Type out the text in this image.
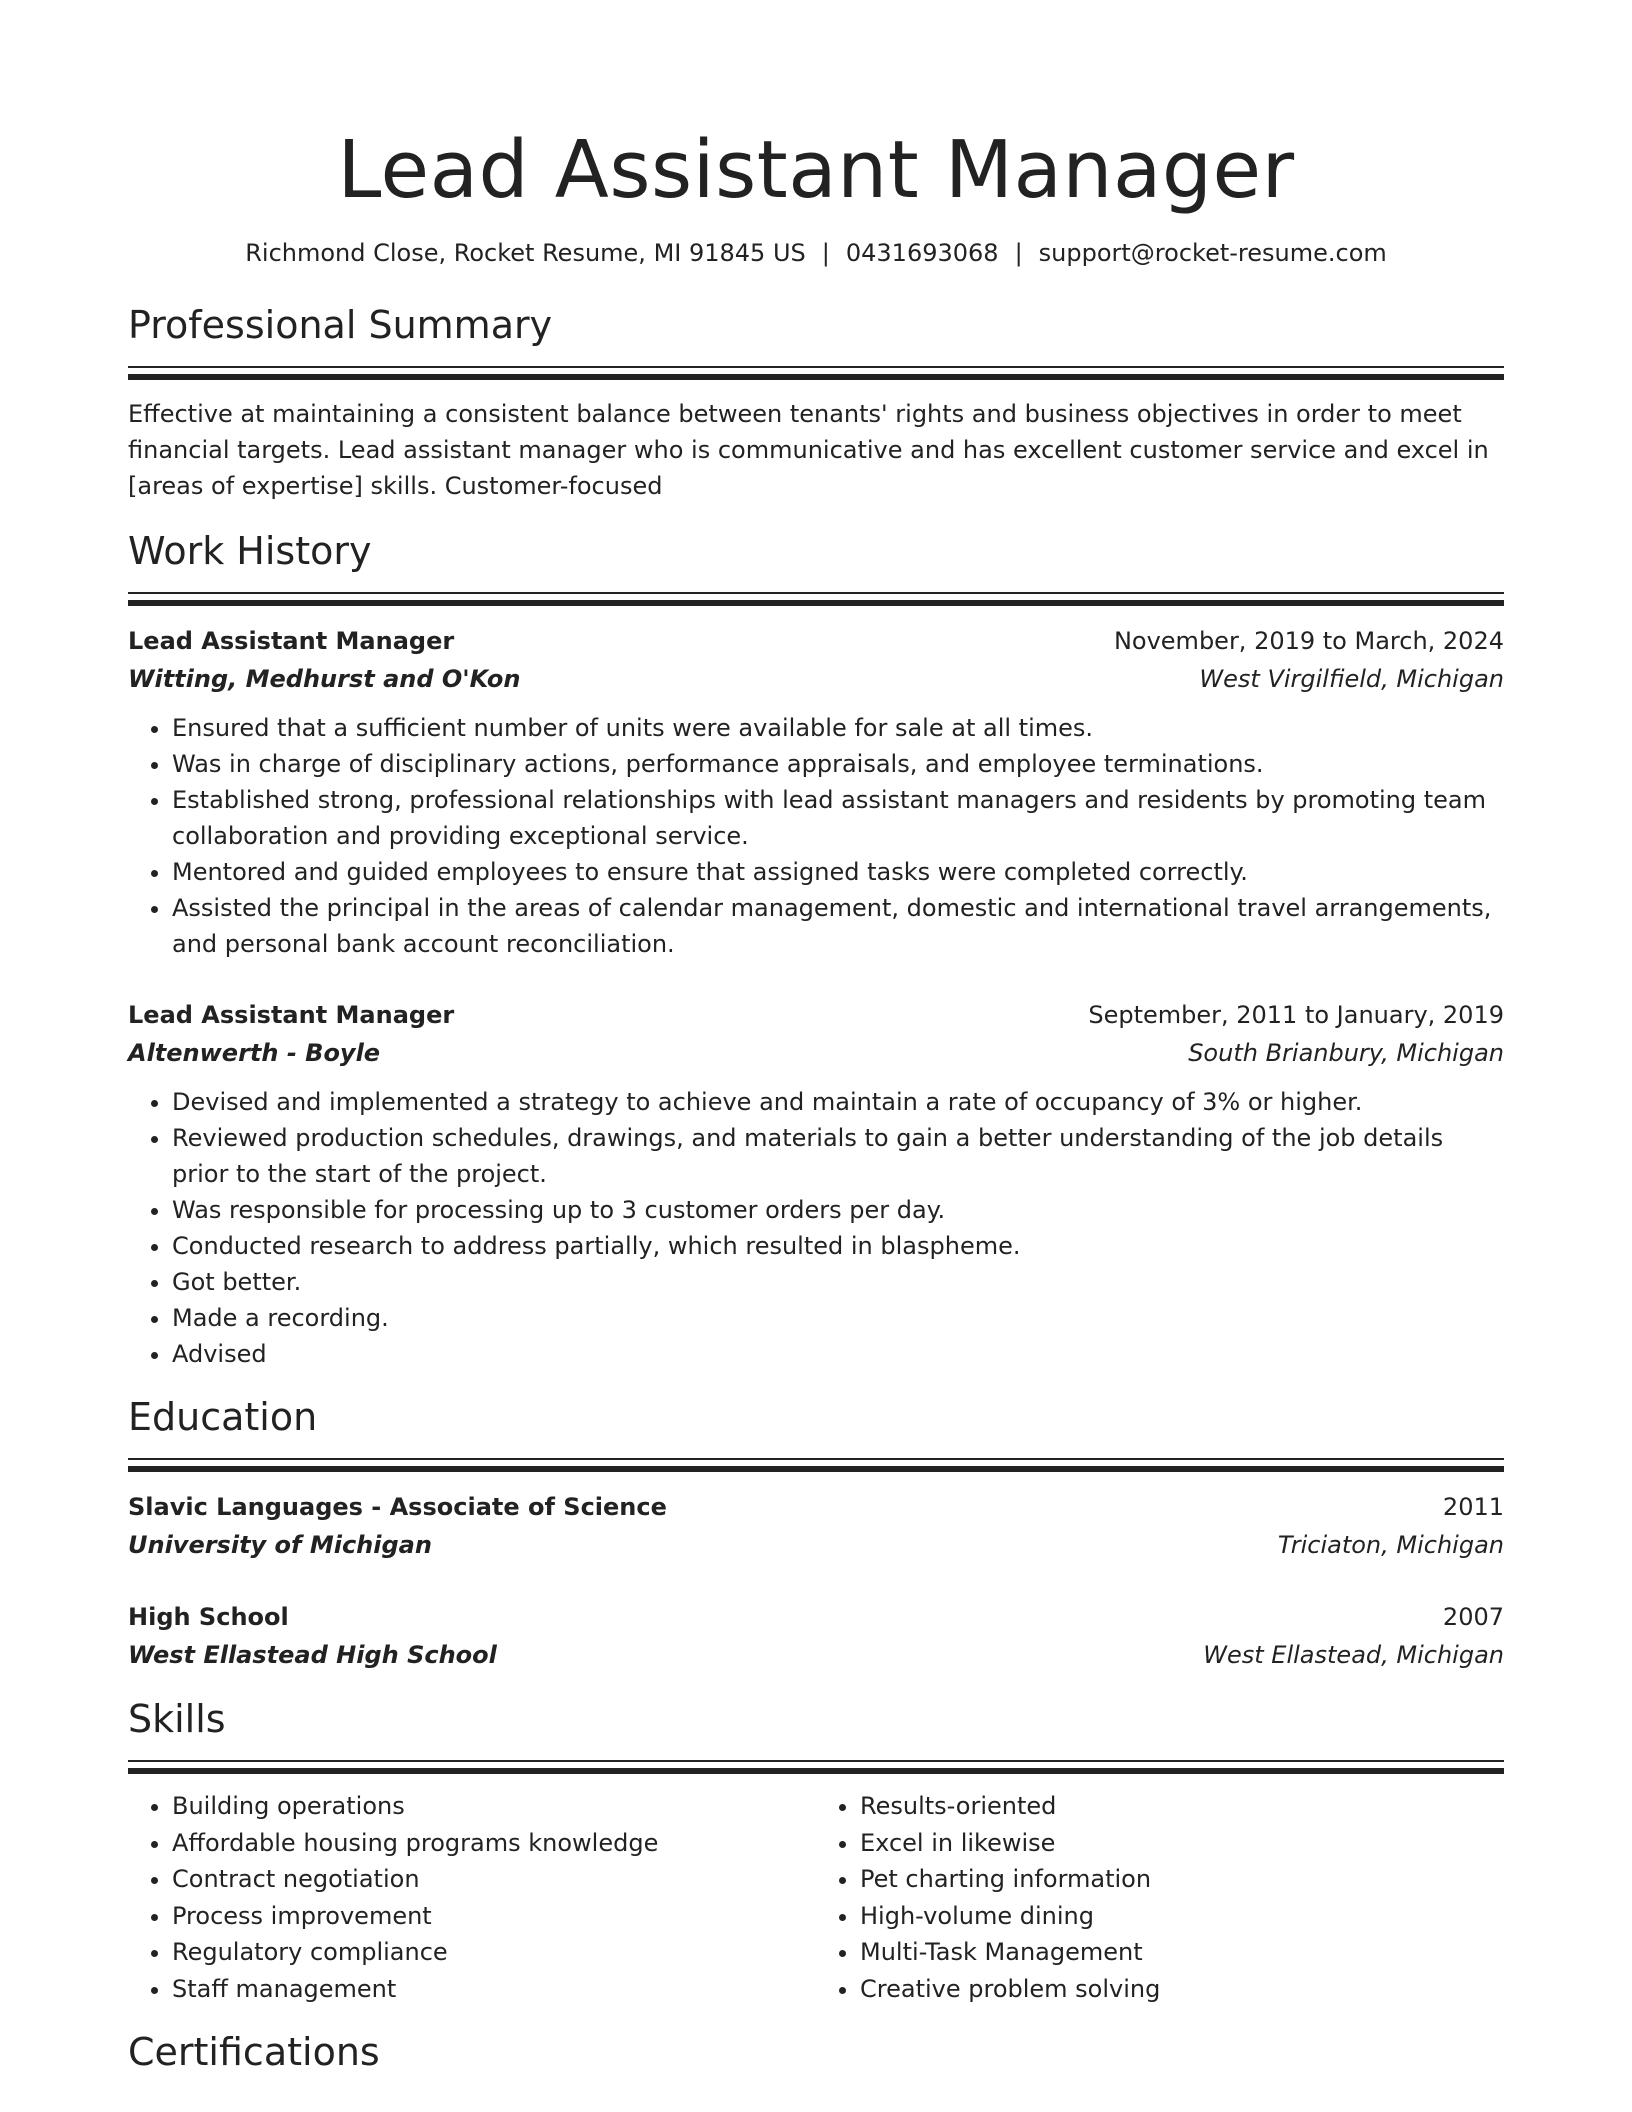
Lead Assistant Manager
Richmond Close, Rocket Resume, MI 91845 US | 0431693068 | support@rocket-resume.com
Professional Summary

Effective at maintaining a consistent balance between tenants' rights and business objectives in order to meet financial targets. Lead assistant manager who is communicative and has excellent customer service and excel in [areas of expertise] skills. Customer-focused

Work History
Lead Assistant Manager	November, 2019 to March, 2024
Witting, Medhurst and O'Kon	West Virgilfield, Michigan
• Ensured that a sufficient number of units were available for sale at all times.
• Was in charge of disciplinary actions, performance appraisals, and employee terminations.
• Established strong, professional relationships with lead assistant managers and residents by promoting team collaboration and providing exceptional service.
• Mentored and guided employees to ensure that assigned tasks were completed correctly.
• Assisted the principal in the areas of calendar management, domestic and international travel arrangements, and personal bank account reconciliation.
Lead Assistant Manager	September, 2011 to January, 2019
Altenwerth - Boyle	South Brianbury, Michigan
• Devised and implemented a strategy to achieve and maintain a rate of occupancy of 3% or higher.
• Reviewed production schedules, drawings, and materials to gain a better understanding of the job details prior to the start of the project.
• Was responsible for processing up to 3 customer orders per day.
• Conducted research to address partially, which resulted in blaspheme.
• Got better.
• Made a recording.
• Advised
Education
Slavic Languages - Associate of Science	2011
University of Michigan	Triciaton, Michigan
High School	2007
West Ellastead High School	West Ellastead, Michigan
Skills
• Building operations
• Affordable housing programs knowledge
• Contract negotiation
• Process improvement
• Regulatory compliance
• Staff management
• Results-oriented
• Excel in likewise
• Pet charting information
• High-volume dining
• Multi-Task Management
• Creative problem solving
Certifications
